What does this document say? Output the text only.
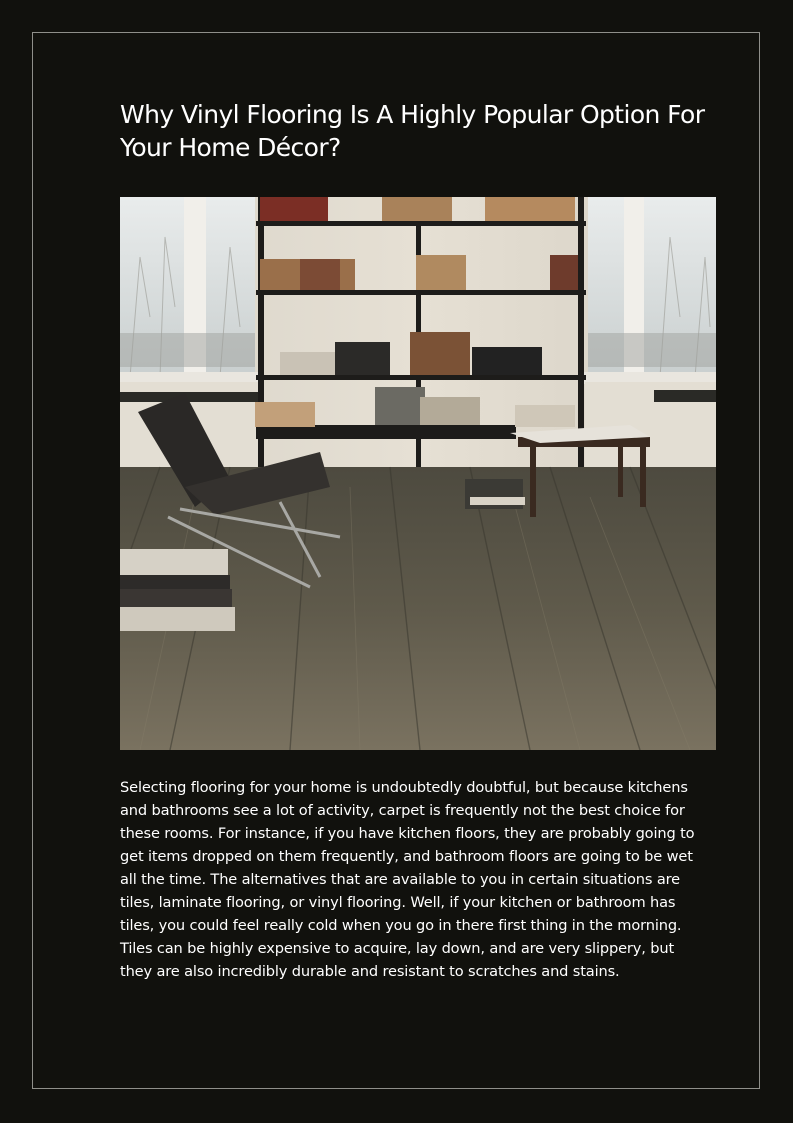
Why Vinyl Flooring Is A Highly Popular Option For Your Home Décor?

Selecting flooring for your home is undoubtedly doubtful, but because kitchens and bathrooms see a lot of activity, carpet is frequently not the best choice for these rooms. For instance, if you have kitchen floors, they are probably going to get items dropped on them frequently, and bathroom floors are going to be wet all the time. The alternatives that are available to you in certain situations are tiles, laminate flooring, or vinyl flooring. Well, if your kitchen or bathroom has tiles, you could feel really cold when you go in there first thing in the morning. Tiles can be highly expensive to acquire, lay down, and are very slippery, but they are also incredibly durable and resistant to scratches and stains.
